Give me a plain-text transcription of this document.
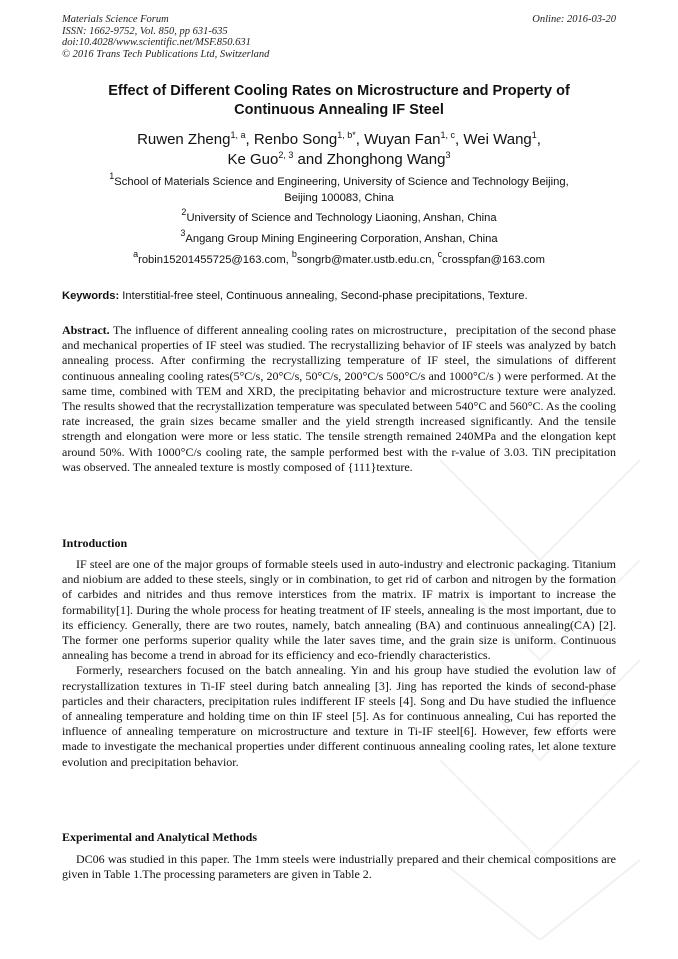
Materials Science Forum
ISSN: 1662-9752, Vol. 850, pp 631-635
doi:10.4028/www.scientific.net/MSF.850.631
© 2016 Trans Tech Publications Ltd, Switzerland
Online: 2016-03-20
Effect of Different Cooling Rates on Microstructure and Property of
Continuous Annealing IF Steel
Ruwen Zheng$^{1, a}$, Renbo Song$^{1, b*}$, Wuyan Fan$^{1, c}$, Wei Wang$^1$,
Ke Guo$^{2, 3}$ and Zhonghong Wang$^3$
$^1$School of Materials Science and Engineering, University of Science and Technology Beijing,
Beijing 100083, China
$^2$University of Science and Technology Liaoning, Anshan, China
$^3$Angang Group Mining Engineering Corporation, Anshan, China
$^a$robin15201455725@163.com, $^b$songrb@mater.ustb.edu.cn, $^c$crosspfan@163.com
Keywords: Interstitial-free steel, Continuous annealing, Second-phase precipitations, Texture.

Abstract. The influence of different annealing cooling rates on microstructure，precipitation of the second phase and mechanical properties of IF steel was studied. The recrystallizing behavior of IF steels was analyzed by batch annealing process. After confirming the recrystallizing temperature of IF steel, the simulations of different continuous annealing cooling rates(5°C/s, 20°C/s, 50°C/s, 200°C/s 500°C/s and 1000°C/s ) were performed. At the same time, combined with TEM and XRD, the precipitating behavior and microstructure texture were analyzed. The results showed that the recrystallization temperature was speculated between 540°C and 560°C. As the cooling rate increased, the grain sizes became smaller and the yield strength increased significantly. And the tensile strength and elongation were more or less static. The tensile strength remained 240MPa and the elongation kept around 50%. With 1000°C/s cooling rate, the sample performed best with the r-value of 3.03. TiN precipitation was observed. The annealed texture is mostly composed of {111}texture.

Introduction

IF steel are one of the major groups of formable steels used in auto-industry and electronic packaging. Titanium and niobium are added to these steels, singly or in combination, to get rid of carbon and nitrogen by the formation of carbides and nitrides and thus remove interstices from the matrix. IF matrix is important to increase the formability[1]. During the whole process for heating treatment of IF steels, annealing is the most important, due to its efficiency. Generally, there are two routes, namely, batch annealing (BA) and continuous annealing(CA) [2]. The former one performs superior quality while the later saves time, and the grain size is uniform. Continuous annealing has become a trend in abroad for its efficiency and eco-friendly characteristics.

Formerly, researchers focused on the batch annealing. Yin and his group have studied the evolution law of recrystallization textures in Ti-IF steel during batch annealing [3]. Jing has reported the kinds of second-phase particles and their characters, precipitation rules indifferent IF steels [4]. Song and Du have studied the influence of annealing temperature and holding time on thin IF steel [5]. As for continuous annealing, Cui has reported the influence of annealing temperature on microstructure and texture in Ti-IF steel[6]. However, few efforts were made to investigate the mechanical properties under different continuous annealing cooling rates, let alone texture evolution and precipitation behavior.

Experimental and Analytical Methods

DC06 was studied in this paper. The 1mm steels were industrially prepared and their chemical compositions are given in Table 1.The processing parameters are given in Table 2.
